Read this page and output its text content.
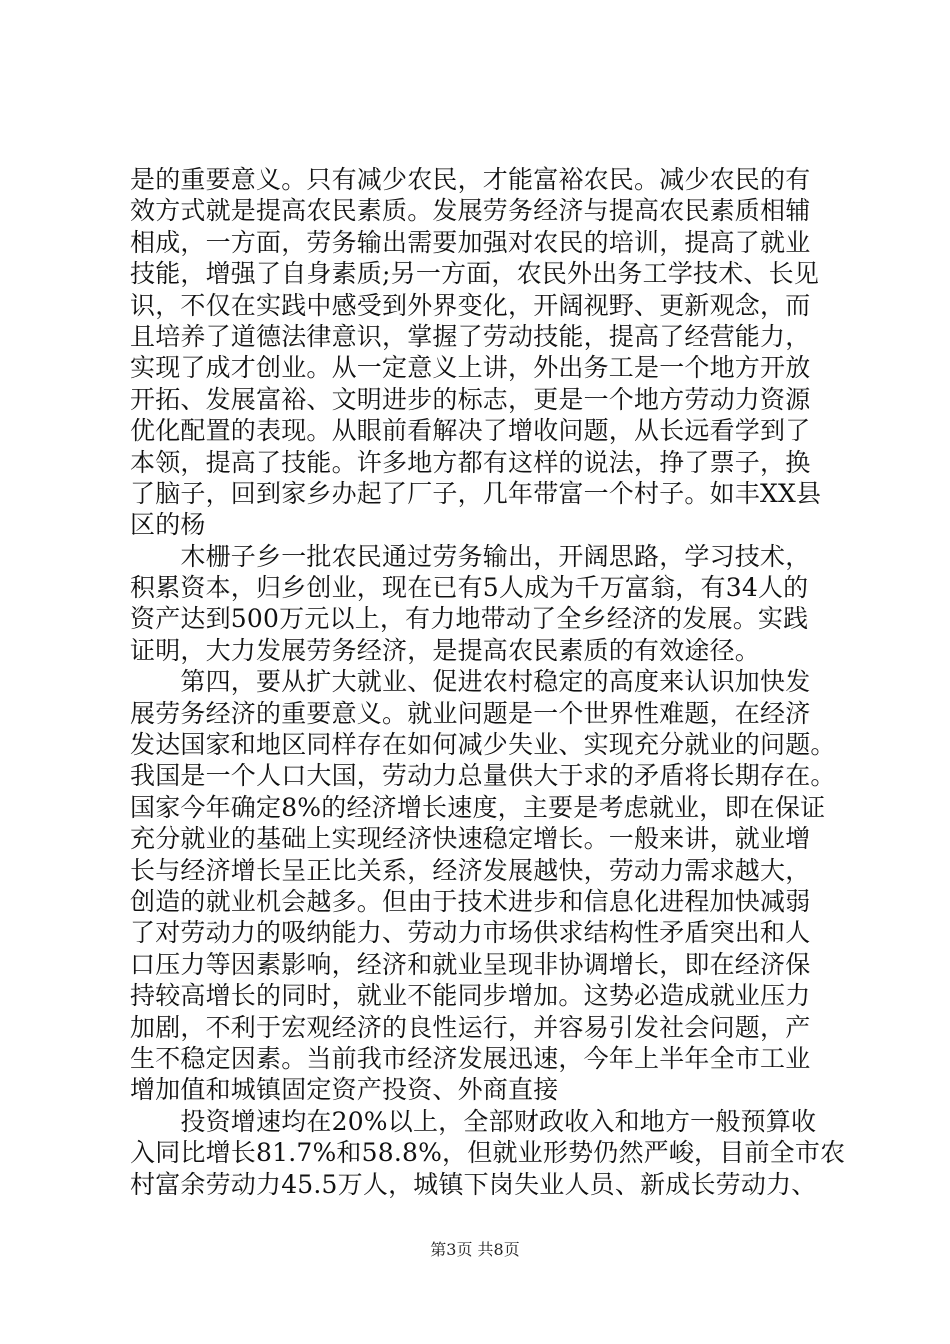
是的重要意义。只有减少农民，才能富裕农民。减少农民的有
效方式就是提高农民素质。发展劳务经济与提高农民素质相辅
相成，一方面，劳务输出需要加强对农民的培训，提高了就业
技能，增强了自身素质;另一方面，农民外出务工学技术、长见
识，不仅在实践中感受到外界变化，开阔视野、更新观念，而
且培养了道德法律意识，掌握了劳动技能，提高了经营能力，
实现了成才创业。从一定意义上讲，外出务工是一个地方开放
开拓、发展富裕、文明进步的标志，更是一个地方劳动力资源
优化配置的表现。从眼前看解决了增收问题，从长远看学到了
本领，提高了技能。许多地方都有这样的说法，挣了票子，换
了脑子，回到家乡办起了厂子，几年带富一个村子。如丰XX县
区的杨
　　木栅子乡一批农民通过劳务输出，开阔思路，学习技术，
积累资本，归乡创业，现在已有5人成为千万富翁，有34人的
资产达到500万元以上，有力地带动了全乡经济的发展。实践
证明，大力发展劳务经济，是提高农民素质的有效途径。
　　第四，要从扩大就业、促进农村稳定的高度来认识加快发
展劳务经济的重要意义。就业问题是一个世界性难题，在经济
发达国家和地区同样存在如何减少失业、实现充分就业的问题。
我国是一个人口大国，劳动力总量供大于求的矛盾将长期存在。
国家今年确定8%的经济增长速度，主要是考虑就业，即在保证
充分就业的基础上实现经济快速稳定增长。一般来讲，就业增
长与经济增长呈正比关系，经济发展越快，劳动力需求越大，
创造的就业机会越多。但由于技术进步和信息化进程加快减弱
了对劳动力的吸纳能力、劳动力市场供求结构性矛盾突出和人
口压力等因素影响，经济和就业呈现非协调增长，即在经济保
持较高增长的同时，就业不能同步增加。这势必造成就业压力
加剧，不利于宏观经济的良性运行，并容易引发社会问题，产
生不稳定因素。当前我市经济发展迅速，今年上半年全市工业
增加值和城镇固定资产投资、外商直接
　　投资增速均在20%以上，全部财政收入和地方一般预算收
入同比增长81.7%和58.8%，但就业形势仍然严峻，目前全市农
村富余劳动力45.5万人，城镇下岗失业人员、新成长劳动力、
第3页 共8页
